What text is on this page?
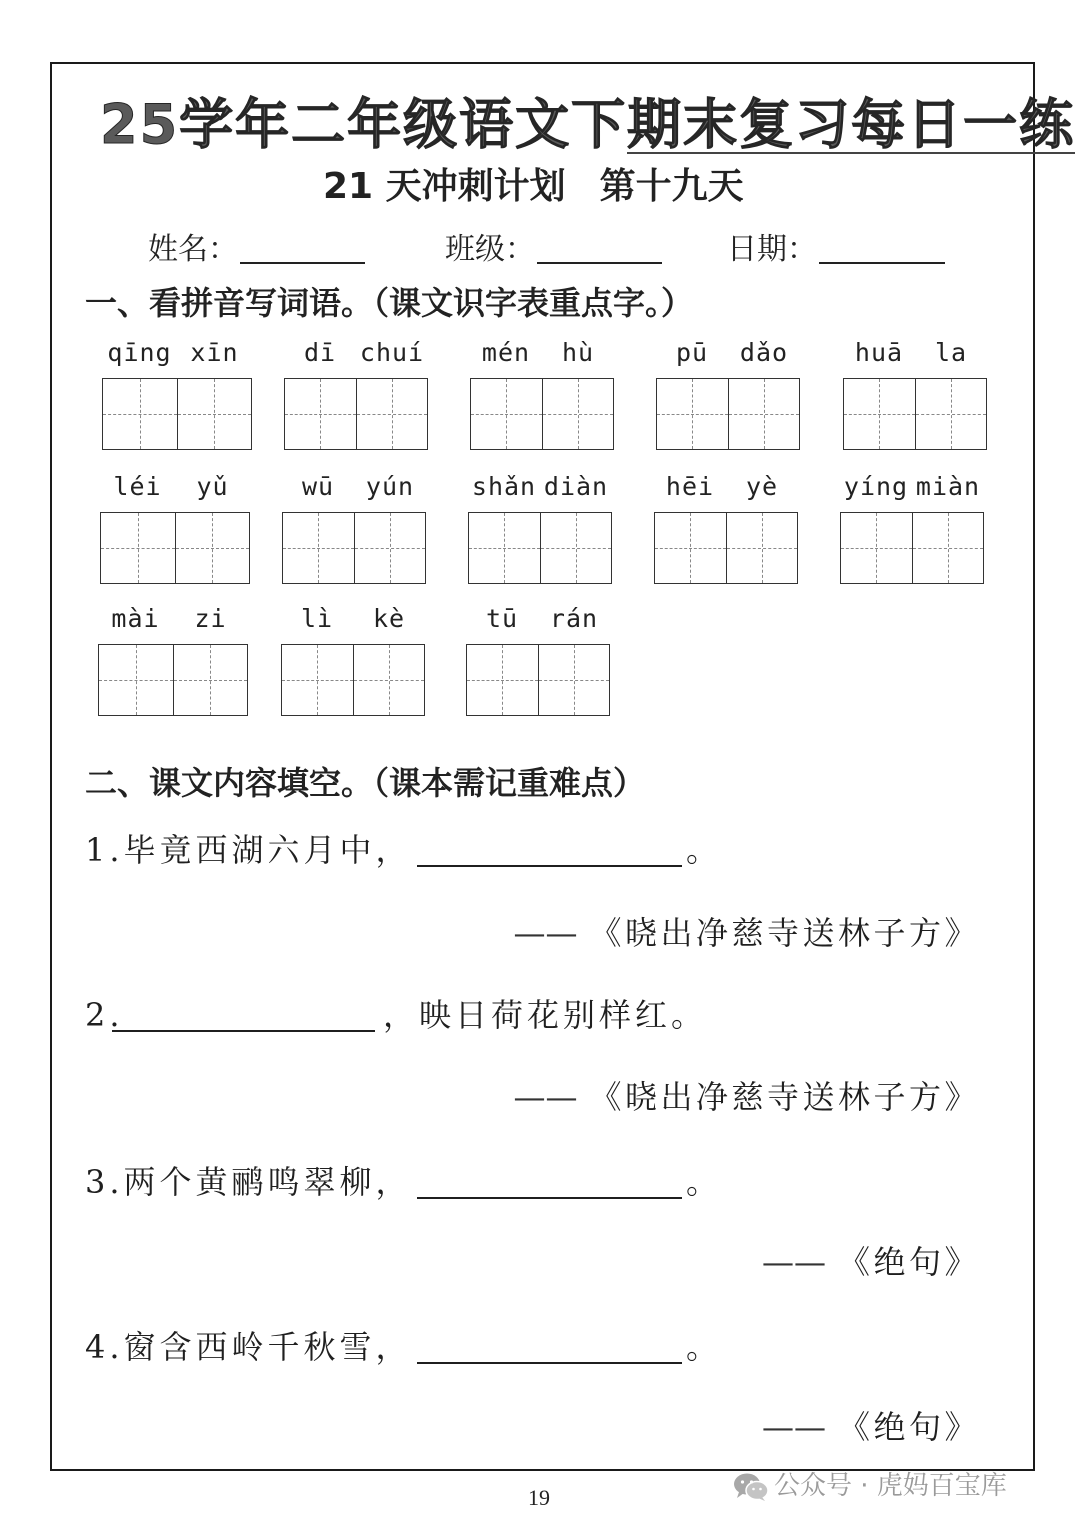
25学年二年级语文下期末复习每日一练
21 天冲刺计划 第十九天
姓名：	班级：	日期：
一、看拼音写词语。（课文识字表重点字。）
qīng xīn	dī chuí	mén	hù	pū	dǎo	huā	la
léi	yǔ	wū	yún	shǎn diàn	hēi	yè	yíng miàn
mài	zi	lì	kè	tū	rán
二、课文内容填空。（课本需记重难点）
1.毕竟西湖六月中，	。
—— 《晓出净慈寺送林子方》
2.	，映日荷花别样红。
—— 《晓出净慈寺送林子方》
3.两个黄鹂鸣翠柳，	。
—— 《绝句》
4.窗含西岭千秋雪，	。
—— 《绝句》
19	公众号 · 虎妈百宝库
